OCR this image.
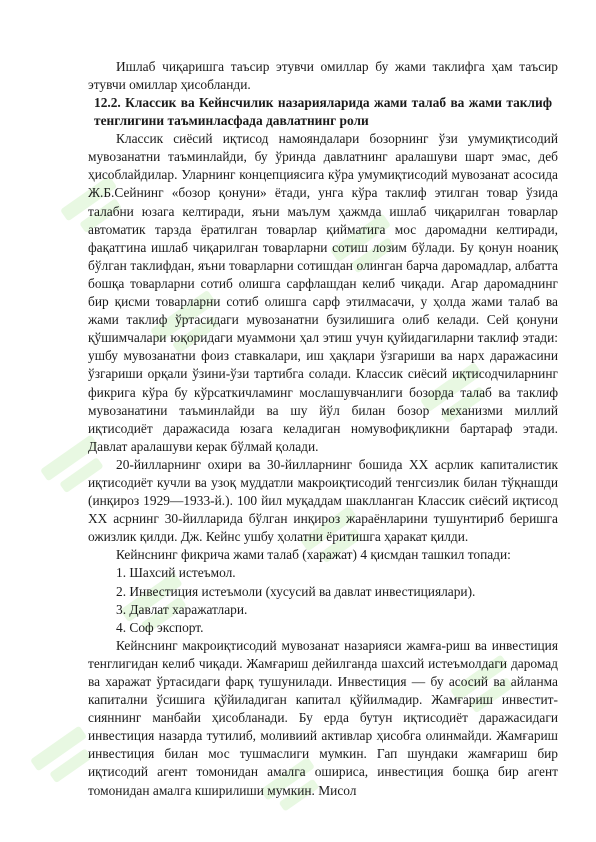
Ишлаб чиқаришга таъсир этувчи омиллар бу жами таклифга ҳам таъсир этувчи омиллар ҳисобланди.

12.2. Классик ва Кейнсчилик назарияларида жами талаб ва жами таклиф тенглигини таъминласфада давлатнинг роли

Классик сиёсий иқтисод намояндалари бозорнинг ўзи умумиқтисодий мувозанатни таъминлайди, бу ўринда давлатнинг аралашуви шарт эмас, деб ҳисоблайдилар. Уларнинг концепциясига кўра умумиқтисодий мувозанат асосида Ж.Б.Сейнинг «бозор қонуни» ётади, унга кўра таклиф этилган товар ўзида талабни юзага келтиради, яъни маълум ҳажмда ишлаб чиқарилган товарлар автоматик тарзда ёратилган товарлар қийматига мос даромадни келтиради, фақатгина ишлаб чиқарилган товарларни сотиш лозим бўлади. Бу қонун ноаниқ бўлган таклифдан, яъни товарларни сотишдан олинган барча даромадлар, албатта бошқа товарларни сотиб олишга сарфлашдан келиб чиқади. Агар даромаднинг бир қисми товарларни сотиб олишга сарф этилмасачи, у ҳолда жами талаб ва жами таклиф ўртасидаги мувозанатни бузилишига олиб келади. Сей қонуни қўшимчалари юқоридаги муаммони ҳал этиш учун қуйидагиларни таклиф этади: ушбу мувозанатни фоиз ставкалари, иш ҳақлари ўзгариши ва нарх даражасини ўзгариши орқали ўзини-ўзи тартибга солади. Классик сиёсий иқтисодчиларнинг фикрига кўра бу кўрсаткичламинг мослашувчанлиги бозорда талаб ва таклиф мувозанатини таъминлайди ва шу йўл билан бозор механизми миллий иқтисодиёт даражасида юзага келадиган номувофиқликни бартараф этади. Давлат аралашуви керак бўлмай қолади.

20-йилларнинг охири ва 30-йилларнинг бошида XX асрлик капиталистик иқтисодиёт кучли ва узоқ муддатли макроиқтисодий тенгсизлик билан тўқнашди (инқироз 1929—1933-й.). 100 йил муқаддам шаклланган Классик сиёсий иқтисод XX асрнинг 30-йилларида бўлган инқироз жараёнларини тушунтириб беришга ожизлик қилди. Дж. Кейнс ушбу ҳолатни ёритишга ҳаракат қилди.

Кейнснинг фикрича жами талаб (харажат) 4 қисмдан ташкил топади:

1. Шахсий истеъмол.

2. Инвестиция истеъмоли (хусусий ва давлат инвестициялари).

3. Давлат харажатлари.

4. Соф экспорт.

Кейнснинг макроиқтисодий мувозанат назарияси жамға-риш ва инвестиция тенглигидан келиб чиқади. Жамғариш дейилганда шахсий истеъмолдаги даромад ва харажат ўртасидаги фарқ тушунилади. Инвестиция — бу асосий ва айланма капитални ўсишига қўйиладиган капитал қўйилмадир. Жамғариш инвестит-сияннинг манбайи ҳисобланади. Бу ерда бутун иқтисодиёт даражасидаги инвестиция назарда тутилиб, моливиий активлар ҳисобга олинмайди. Жамғариш инвестиция билан мос тушмаслиги мумкин. Гап шундаки жамғариш бир иқтисодий агент томонидан амалга ошириса, инвестиция бошқа бир агент томонидан амалга кширилиши мумкин. Мисол
